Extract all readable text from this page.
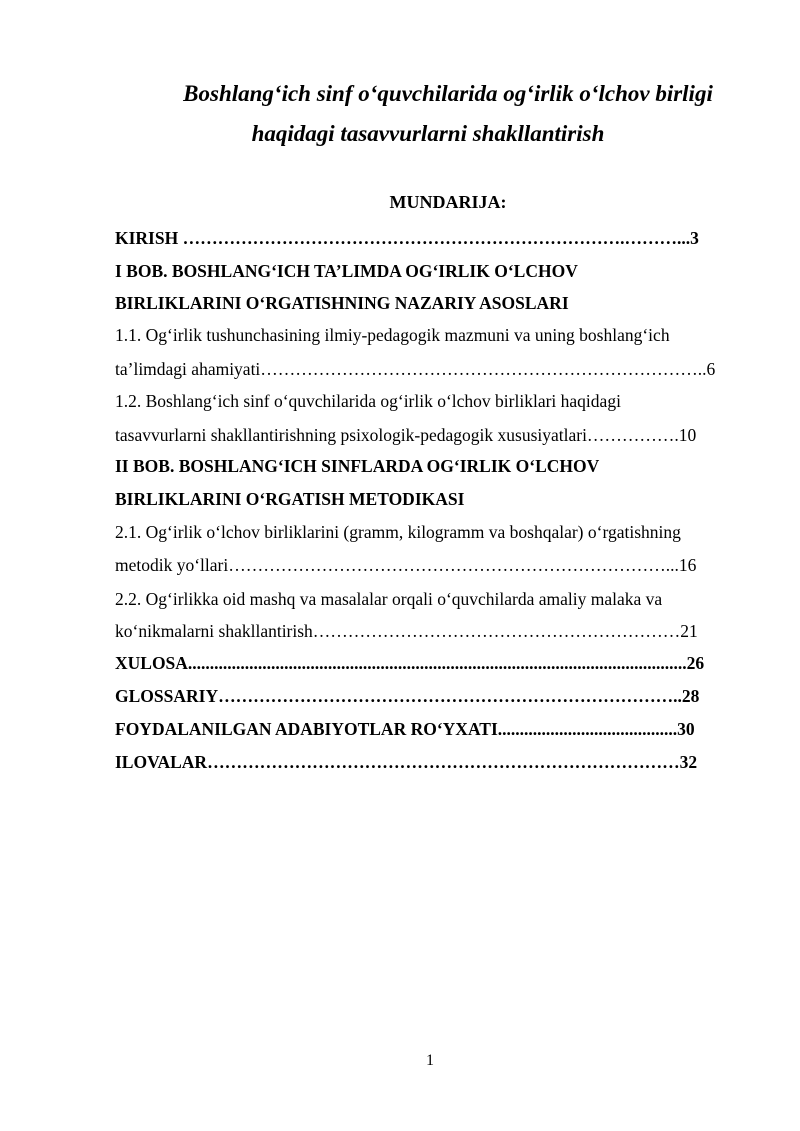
Boshlang‘ich sinf o‘quvchilarida og‘irlik o‘lchov birligi
haqidagi tasavvurlarni shakllantirish
MUNDARIJA:
KIRISH ………………………………………………………………….………...3
I BOB. BOSHLANG‘ICH TA’LIMDA OG‘IRLIK O‘LCHOV
BIRLIKLARINI O‘RGATISHNING NAZARIY ASOSLARI
1.1. Og‘irlik tushunchasining ilmiy-pedagogik mazmuni va uning boshlang‘ich
ta’limdagi ahamiyati…………………………………………………………………..6
1.2. Boshlang‘ich sinf o‘quvchilarida og‘irlik o‘lchov birliklari haqidagi
tasavvurlarni shakllantirishning psixologik-pedagogik xususiyatlari…………….10
II BOB. BOSHLANG‘ICH SINFLARDA OG‘IRLIK O‘LCHOV
BIRLIKLARINI O‘RGATISH METODIKASI
2.1. Og‘irlik o‘lchov birliklarini (gramm, kilogramm va boshqalar) o‘rgatishning
metodik yo‘llari…………………………………………………………………...16
2.2. Og‘irlikka oid mashq va masalalar orqali o‘quvchilarda amaliy malaka va
ko‘nikmalarni shakllantirish………………………………………………………21
XULOSA..................................................................................................................26
GLOSSARIY……………………………………………………………………..28
FOYDALANILGAN ADABIYOTLAR RO‘YXATI.........................................30
ILOVALAR………………………………………………………………………32
1
